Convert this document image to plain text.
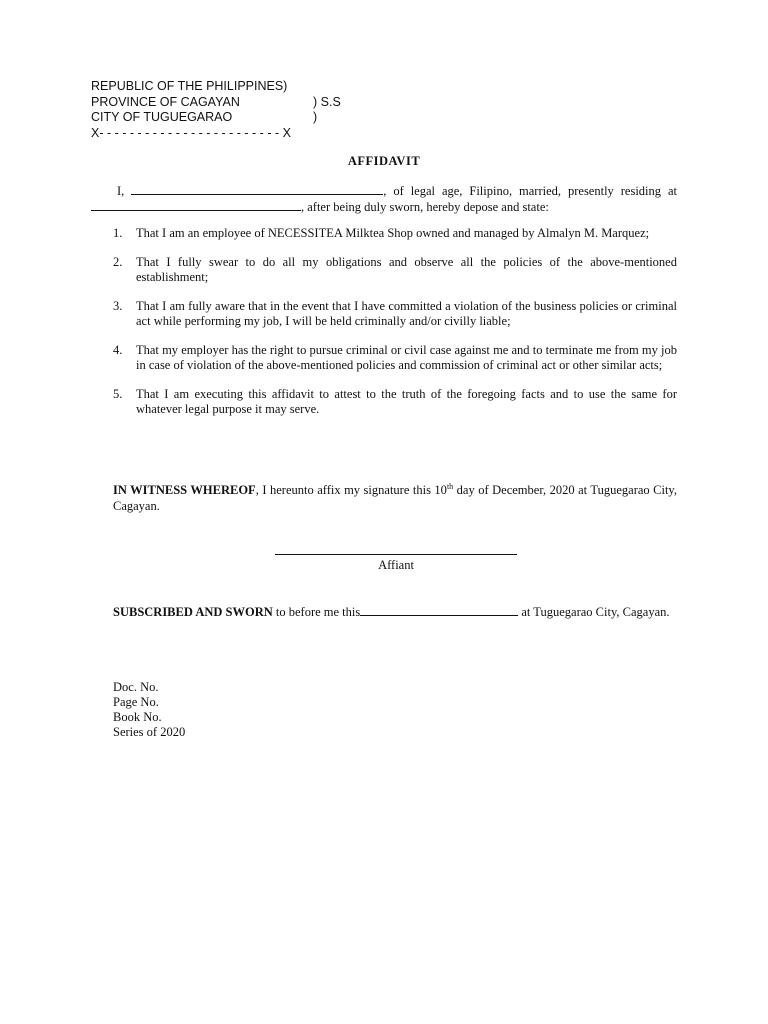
REPUBLIC OF THE PHILIPPINES)
PROVINCE OF CAGAYAN	) S.S
CITY OF TUGUEGARAO	)
X- - - - - - - - - - - - - - - - - - - - - - - - X
AFFIDAVIT
I,	, of legal age, Filipino, married, presently residing at , after being duly sworn, hereby depose and state:
1. That I am an employee of NECESSITEA Milktea Shop owned and managed by Almalyn M. Marquez;
2. That I fully swear to do all my obligations and observe all the policies of the above-mentioned establishment;
3. That I am fully aware that in the event that I have committed a violation of the business policies or criminal act while performing my job, I will be held criminally and/or civilly liable;
4. That my employer has the right to pursue criminal or civil case against me and to terminate me from my job in case of violation of the above-mentioned policies and commission of criminal act or other similar acts;
5. That I am executing this affidavit to attest to the truth of the foregoing facts and to use the same for whatever legal purpose it may serve.
IN WITNESS WHEREOF, I hereunto affix my signature this 10th day of December, 2020 at Tuguegarao City, Cagayan.
Affiant
SUBSCRIBED AND SWORN to before me this	at Tuguegarao City, Cagayan.
Doc. No.
Page No.
Book No.
Series of 2020
